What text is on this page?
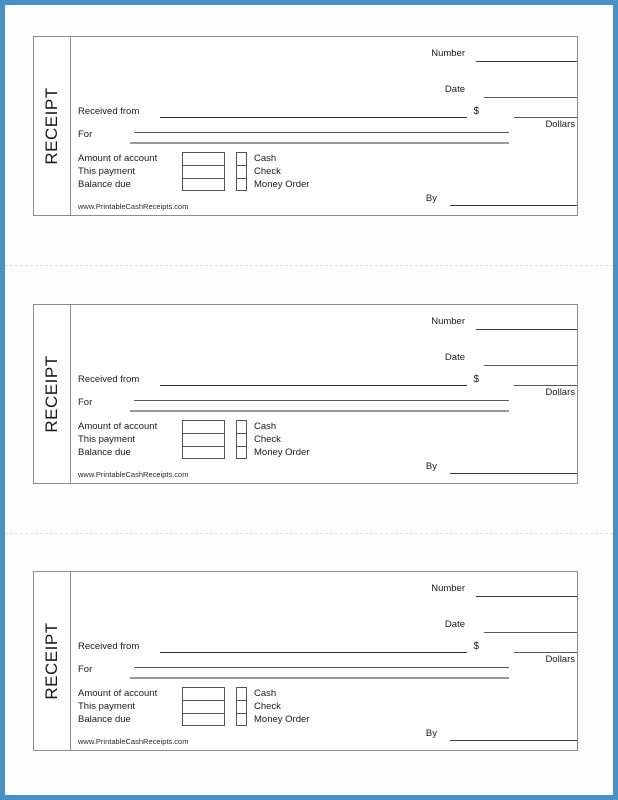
RECEIPT
Number
Date
Received from	$
Dollars
For
Amount of account	Cash
This payment	Check
Balance due	Money Order
By
www.PrintableCashReceipts.com
RECEIPT
Number
Date
Received from	$
Dollars
For
Amount of account	Cash
This payment	Check
Balance due	Money Order
By
www.PrintableCashReceipts.com
RECEIPT
Number
Date
Received from	$
Dollars
For
Amount of account	Cash
This payment	Check
Balance due	Money Order
By
www.PrintableCashReceipts.com
